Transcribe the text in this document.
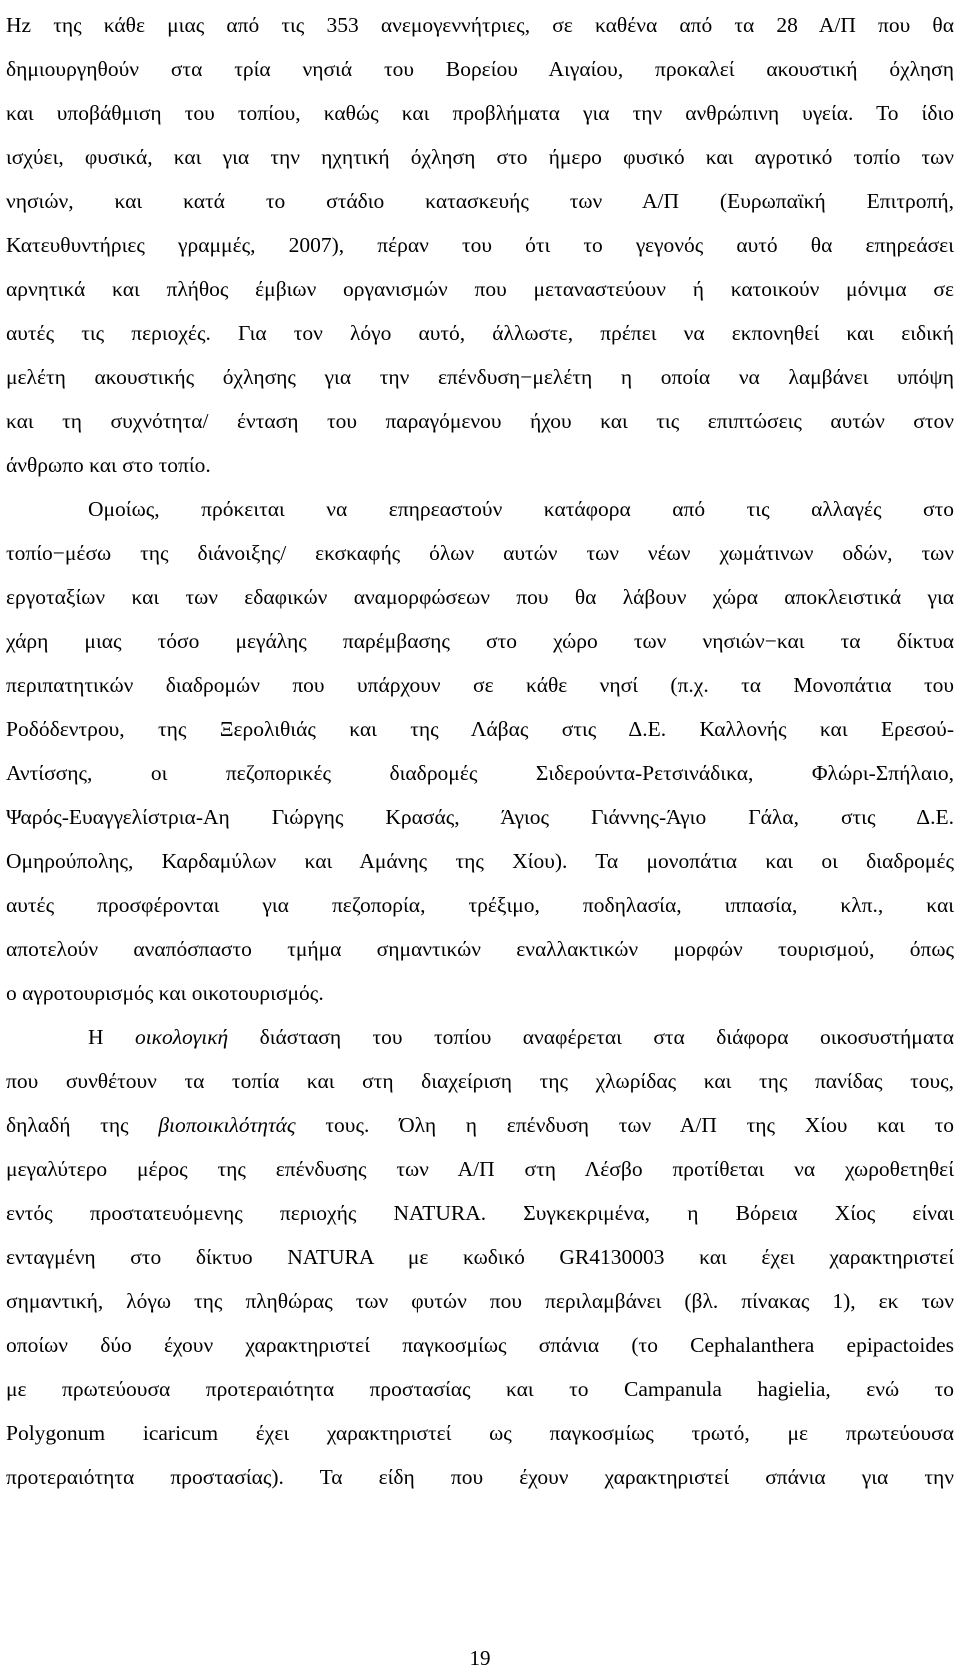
Ηz της κάθε μιας από τις 353 ανεμογεννήτριες, σε καθένα από τα 28 Α/Π που θα
δημιουργηθούν στα τρία νησιά του Βορείου Αιγαίου, προκαλεί ακουστική όχληση
και υποβάθμιση του τοπίου, καθώς και προβλήματα για την ανθρώπινη υγεία. Το ίδιο
ισχύει, φυσικά, και για την ηχητική όχληση στο ήμερο φυσικό και αγροτικό τοπίο των
νησιών, και κατά το στάδιο κατασκευής των Α/Π (Ευρωπαϊκή Επιτροπή,
Κατευθυντήριες γραμμές, 2007), πέραν του ότι το γεγονός αυτό θα επηρεάσει
αρνητικά και πλήθος έμβιων οργανισμών που μεταναστεύουν ή κατοικούν μόνιμα σε
αυτές τις περιοχές. Για τον λόγο αυτό, άλλωστε, πρέπει να εκπονηθεί και ειδική
μελέτη ακουστικής όχλησης για την επένδυση−μελέτη η οποία να λαμβάνει υπόψη
και τη συχνότητα/ ένταση του παραγόμενου ήχου και τις επιπτώσεις αυτών στον
άνθρωπο και στο τοπίο.
Ομοίως, πρόκειται να επηρεαστούν κατάφορα από τις αλλαγές στο
τοπίο−μέσω της διάνοιξης/ εκσκαφής όλων αυτών των νέων χωμάτινων οδών, των
εργοταξίων και των εδαφικών αναμορφώσεων που θα λάβουν χώρα αποκλειστικά για
χάρη μιας τόσο μεγάλης παρέμβασης στο χώρο των νησιών−και τα δίκτυα
περιπατητικών διαδρομών που υπάρχουν σε κάθε νησί (π.χ. τα Μονοπάτια του
Ροδόδεντρου, της Ξερολιθιάς και της Λάβας στις Δ.Ε. Καλλονής και Ερεσού-
Αντίσσης, οι πεζοπορικές διαδρομές Σιδερούντα-Ρετσινάδικα, Φλώρι-Σπήλαιο,
Ψαρός-Ευαγγελίστρια-Αη Γιώργης Κρασάς, Άγιος Γιάννης-Άγιο Γάλα, στις Δ.Ε.
Ομηρούπολης, Καρδαμύλων και Αμάνης της Χίου). Τα μονοπάτια και οι διαδρομές
αυτές προσφέρονται για πεζοπορία, τρέξιμο, ποδηλασία, ιππασία, κλπ., και
αποτελούν αναπόσπαστο τμήμα σημαντικών εναλλακτικών μορφών τουρισμού, όπως
ο αγροτουρισμός και οικοτουρισμός.
Η οικολογική διάσταση του τοπίου αναφέρεται στα διάφορα οικοσυστήματα
που συνθέτουν τα τοπία και στη διαχείριση της χλωρίδας και της πανίδας τους,
δηλαδή της βιοποικιλότητάς τους. Όλη η επένδυση των Α/Π της Χίου και το
μεγαλύτερο μέρος της επένδυσης των Α/Π στη Λέσβο προτίθεται να χωροθετηθεί
εντός προστατευόμενης περιοχής NATURA. Συγκεκριμένα, η Βόρεια Χίος είναι
ενταγμένη στο δίκτυο NATURA με κωδικό GR4130003 και έχει χαρακτηριστεί
σημαντική, λόγω της πληθώρας των φυτών που περιλαμβάνει (βλ. πίνακας 1), εκ των
οποίων δύο έχουν χαρακτηριστεί παγκοσμίως σπάνια (το Cephalanthera epipactoides
με πρωτεύουσα προτεραιότητα προστασίας και το Campanula hagielia, ενώ το
Polygonum icaricum έχει χαρακτηριστεί ως παγκοσμίως τρωτό, με πρωτεύουσα
προτεραιότητα προστασίας). Τα είδη που έχουν χαρακτηριστεί σπάνια για την
19
